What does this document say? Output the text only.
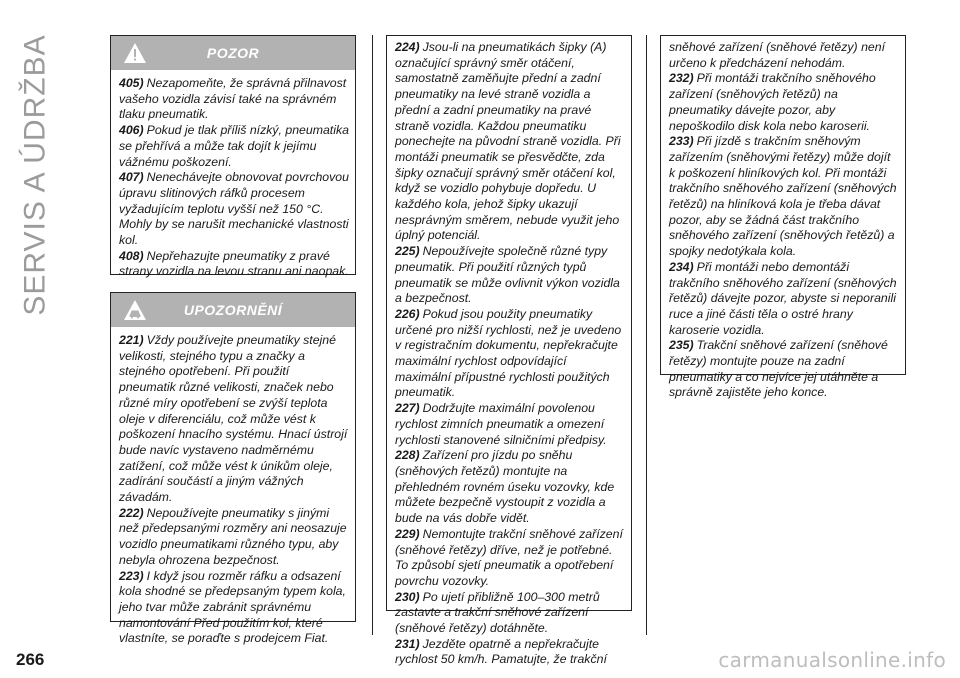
SERVIS A ÚDRŽBA	POZOR

405) Nezapomeňte, že správná přilnavost vašeho vozidla závisí také na správném tlaku pneumatik.

406) Pokud je tlak příliš nízký, pneumatika se přehřívá a může tak dojít k jejímu vážnému poškození.

407) Nenechávejte obnovovat povrchovou úpravu slitinových ráfků procesem vyžadujícím teplotu vyšší než 150 °C. Mohly by se narušit mechanické vlastnosti kol.

408) Nepřehazujte pneumatiky z pravé strany vozidla na levou stranu ani naopak.

UPOZORNĚNÍ

221) Vždy používejte pneumatiky stejné velikosti, stejného typu a značky a stejného opotřebení. Při použití pneumatik různé velikosti, značek nebo různé míry opotřebení se zvýší teplota oleje v diferenciálu, což může vést k poškození hnacího systému. Hnací ústrojí bude navíc vystaveno nadměrnému zatížení, což může vést k únikům oleje, zadírání součástí a jiným vážných závadám.

222) Nepoužívejte pneumatiky s jinými než předepsanými rozměry ani neosazuje vozidlo pneumatikami různého typu, aby nebyla ohrozena bezpečnost.

223) I když jsou rozměr ráfku a odsazení kola shodné se předepsaným typem kola, jeho tvar může zabránit správnému namontování Před použitím kol, které vlastníte, se poraďte s prodejcem Fiat.

224) Jsou-li na pneumatikách šipky (A) označující správný směr otáčení, samostatně zaměňujte přední a zadní pneumatiky na levé straně vozidla a přední a zadní pneumatiky na pravé straně vozidla. Každou pneumatiku ponechejte na původní straně vozidla. Při montáži pneumatik se přesvědčte, zda šipky označují správný směr otáčení kol, když se vozidlo pohybuje dopředu. U každého kola, jehož šipky ukazují nesprávným směrem, nebude využit jeho úplný potenciál.

225) Nepoužívejte společně různé typy pneumatik. Při použití různých typů pneumatik se může ovlivnit výkon vozidla a bezpečnost.

226) Pokud jsou použity pneumatiky určené pro nižší rychlosti, než je uvedeno v registračním dokumentu, nepřekračujte maximální rychlost odpovídající maximální přípustné rychlosti použitých pneumatik.

227) Dodržujte maximální povolenou rychlost zimních pneumatik a omezení rychlosti stanovené silničními předpisy.

228) Zařízení pro jízdu po sněhu (sněhových řetězů) montujte na přehledném rovném úseku vozovky, kde můžete bezpečně vystoupit z vozidla a bude na vás dobře vidět.

229) Nemontujte trakční sněhové zařízení (sněhové řetězy) dříve, než je potřebné. To způsobí sjetí pneumatik a opotřebení povrchu vozovky.

230) Po ujetí přibližně 100–300 metrů zastavte a trakční sněhové zařízení (sněhové řetězy) dotáhněte.

231) Jezděte opatrně a nepřekračujte rychlost 50 km/h. Pamatujte, že trakční

sněhové zařízení (sněhové řetězy) není určeno k předcházení nehodám.

232) Při montáži trakčního sněhového zařízení (sněhových řetězů) na pneumatiky dávejte pozor, aby nepoškodilo disk kola nebo karoserii.

233) Při jízdě s trakčním sněhovým zařízením (sněhovými řetězy) může dojít k poškození hliníkových kol. Při montáži trakčního sněhového zařízení (sněhových řetězů) na hliníková kola je třeba dávat pozor, aby se žádná část trakčního sněhového zařízení (sněhových řetězů) a spojky nedotýkala kola.

234) Při montáži nebo demontáži trakčního sněhového zařízení (sněhových řetězů) dávejte pozor, abyste si neporanili ruce a jiné části těla o ostré hrany karoserie vozidla.

235) Trakční sněhové zařízení (sněhové řetězy) montujte pouze na zadní pneumatiky a co nejvíce jej utáhněte a správně zajistěte jeho konce.

266	carmanualsonline.info
